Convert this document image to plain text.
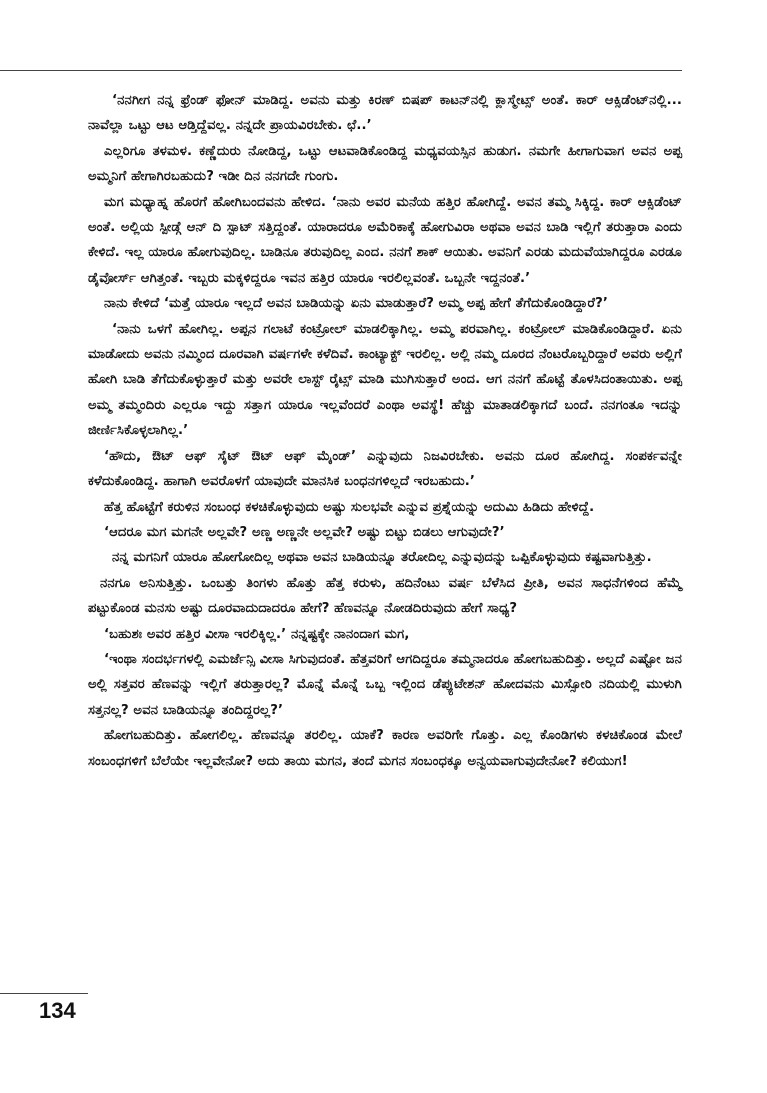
‘ನನಗೀಗ ನನ್ನ ಫ್ರೆಂಡ್ ಫೋನ್ ಮಾಡಿದ್ದ. ಅವನು ಮತ್ತು ಕಿರಣ್ ಬಿಷಪ್ ಕಾಟನ್‌ನಲ್ಲಿ ಕ್ಲಾಸ್ಮೇಟ್ಸ್ ಅಂತೆ. ಕಾರ್ ಆಕ್ಸಿಡೆಂಟ್‌ನಲ್ಲಿ... ನಾವೆಲ್ಲಾ ಒಟ್ಟು ಆಟ ಆಡ್ತಿದ್ದೆವಲ್ಲ. ನನ್ನದೇ ಪ್ರಾಯವಿರಬೇಕು. ಛೆ..’

ಎಲ್ಲರಿಗೂ ತಳಮಳ. ಕಣ್ಣೆದುರು ನೋಡಿದ್ದ, ಒಟ್ಟು ಆಟವಾಡಿಕೊಂಡಿದ್ದ ಮಧ್ಯವಯಸ್ಸಿನ ಹುಡುಗ. ನಮಗೇ ಹೀಗಾಗುವಾಗ ಅವನ ಅಪ್ಪ ಅಮ್ಮನಿಗೆ ಹೇಗಾಗಿರಬಹುದು? ಇಡೀ ದಿನ ನನಗದೇ ಗುಂಗು.

ಮಗ ಮಧ್ಯಾಹ್ನ ಹೊರಗೆ ಹೋಗಿಬಂದವನು ಹೇಳಿದ. ‘ನಾನು ಅವರ ಮನೆಯ ಹತ್ತಿರ ಹೋಗಿದ್ದೆ. ಅವನ ತಮ್ಮ ಸಿಕ್ಕಿದ್ದ. ಕಾರ್ ಆಕ್ಸಿಡೆಂಟ್ ಅಂತೆ. ಅಲ್ಲಿಯ ಸ್ಪೀಡ್ಗೆ ಆನ್ ದಿ ಸ್ಪಾಟ್ ಸತ್ತಿದ್ದಂತೆ. ಯಾರಾದರೂ ಅಮೆರಿಕಾಕ್ಕೆ ಹೋಗುವಿರಾ ಅಥವಾ ಅವನ ಬಾಡಿ ಇಲ್ಲಿಗೆ ತರುತ್ತಾರಾ ಎಂದು ಕೇಳಿದೆ. ಇಲ್ಲ ಯಾರೂ ಹೋಗುವುದಿಲ್ಲ. ಬಾಡಿನೂ ತರುವುದಿಲ್ಲ ಎಂದ. ನನಗೆ ಶಾಕ್ ಆಯಿತು. ಅವನಿಗೆ ಎರಡು ಮದುವೆಯಾಗಿದ್ದರೂ ಎರಡೂ ಡೈವೋರ್ಸ್ ಆಗಿತ್ತಂತೆ. ಇಬ್ಬರು ಮಕ್ಕಳಿದ್ದರೂ ಇವನ ಹತ್ತಿರ ಯಾರೂ ಇರಲಿಲ್ಲವಂತೆ. ಒಬ್ಬನೇ ಇದ್ದನಂತೆ.’

ನಾನು ಕೇಳಿದೆ ‘ಮತ್ತೆ ಯಾರೂ ಇಲ್ಲದೆ ಅವನ ಬಾಡಿಯನ್ನು ಏನು ಮಾಡುತ್ತಾರೆ? ಅಮ್ಮ ಅಪ್ಪ ಹೇಗೆ ತೆಗೆದುಕೊಂಡಿದ್ದಾರೆ?’

‘ನಾನು ಒಳಗೆ ಹೋಗಿಲ್ಲ. ಅಪ್ಪನ ಗಲಾಟೆ ಕಂಟ್ರೋಲ್ ಮಾಡಲಿಕ್ಕಾಗಿಲ್ಲ. ಅಮ್ಮ ಪರವಾಗಿಲ್ಲ. ಕಂಟ್ರೋಲ್ ಮಾಡಿಕೊಂಡಿದ್ದಾರೆ. ಏನು ಮಾಡೋದು ಅವನು ನಮ್ಮಿಂದ ದೂರವಾಗಿ ವರ್ಷಗಳೇ ಕಳೆದಿವೆ. ಕಾಂಟ್ಯಾಕ್ಟ್ ಇರಲಿಲ್ಲ. ಅಲ್ಲಿ ನಮ್ಮ ದೂರದ ನೆಂಟರೊಬ್ಬರಿದ್ದಾರೆ ಅವರು ಅಲ್ಲಿಗೆ ಹೋಗಿ ಬಾಡಿ ತೆಗೆದುಕೊಳ್ಳುತ್ತಾರೆ ಮತ್ತು ಅವರೇ ಲಾಸ್ಟ್ ರೈಟ್ಸ್ ಮಾಡಿ ಮುಗಿಸುತ್ತಾರೆ ಅಂದ. ಆಗ ನನಗೆ ಹೊಟ್ಟೆ ತೊಳಸಿದಂತಾಯಿತು. ಅಪ್ಪ ಅಮ್ಮ ತಮ್ಮಂದಿರು ಎಲ್ಲರೂ ಇದ್ದು ಸತ್ತಾಗ ಯಾರೂ ಇಲ್ಲವೆಂದರೆ ಎಂಥಾ ಅವಸ್ಥೆ! ಹೆಚ್ಚು ಮಾತಾಡಲಿಕ್ಕಾಗದೆ ಬಂದೆ. ನನಗಂತೂ ಇದನ್ನು ಜೀರ್ಣಿಸಿಕೊಳ್ಳಲಾಗಿಲ್ಲ.’

‘ಹೌದು, ಔಟ್ ಆಫ್ ಸೈಟ್ ಔಟ್ ಆಫ್ ಮೈಂಡ್’ ಎನ್ನುವುದು ನಿಜವಿರಬೇಕು. ಅವನು ದೂರ ಹೋಗಿದ್ದ. ಸಂಪರ್ಕವನ್ನೇ ಕಳೆದುಕೊಂಡಿದ್ದ. ಹಾಗಾಗಿ ಅವರೊಳಗೆ ಯಾವುದೇ ಮಾನಸಿಕ ಬಂಧನಗಳಿಲ್ಲದೆ ಇರಬಹುದು.’

ಹೆತ್ತ ಹೊಟ್ಟೆಗೆ ಕರುಳಿನ ಸಂಬಂಧ ಕಳಚಿಕೊಳ್ಳುವುದು ಅಷ್ಟು ಸುಲಭವೇ ಎನ್ನುವ ಪ್ರಶ್ನೆಯನ್ನು ಅದುಮಿ ಹಿಡಿದು ಹೇಳಿದ್ದೆ.

‘ಆದರೂ ಮಗ ಮಗನೇ ಅಲ್ಲವೇ? ಅಣ್ಣ ಅಣ್ಣನೇ ಅಲ್ಲವೇ? ಅಷ್ಟು ಬಿಟ್ಟು ಬಿಡಲು ಆಗುವುದೇ?’

ನನ್ನ ಮಗನಿಗೆ ಯಾರೂ ಹೋಗೋದಿಲ್ಲ ಅಥವಾ ಅವನ ಬಾಡಿಯನ್ನೂ ತರೋದಿಲ್ಲ ಎನ್ನುವುದನ್ನು ಒಪ್ಪಿಕೊಳ್ಳುವುದು ಕಷ್ಟವಾಗುತ್ತಿತ್ತು.

ನನಗೂ ಅನಿಸುತ್ತಿತ್ತು. ಒಂಬತ್ತು ತಿಂಗಳು ಹೊತ್ತು ಹೆತ್ತ ಕರುಳು, ಹದಿನೆಂಟು ವರ್ಷ ಬೆಳೆಸಿದ ಪ್ರೀತಿ, ಅವನ ಸಾಧನೆಗಳಿಂದ ಹೆಮ್ಮೆ ಪಟ್ಟುಕೊಂಡ ಮನಸು ಅಷ್ಟು ದೂರವಾದುದಾದರೂ ಹೇಗೆ? ಹೆಣವನ್ನೂ ನೋಡದಿರುವುದು ಹೇಗೆ ಸಾಧ್ಯ?

‘ಬಹುಶಃ ಅವರ ಹತ್ತಿರ ವೀಸಾ ಇರಲಿಕ್ಕಿಲ್ಲ.’ ನನ್ನಷ್ಟಕ್ಕೇ ನಾನಂದಾಗ ಮಗ,

‘ಇಂಥಾ ಸಂದರ್ಭಗಳಲ್ಲಿ ಎಮರ್ಜೆನ್ಸಿ ವೀಸಾ ಸಿಗುವುದಂತೆ. ಹೆತ್ತವರಿಗೆ ಆಗದಿದ್ದರೂ ತಮ್ಮನಾದರೂ ಹೋಗಬಹುದಿತ್ತು. ಅಲ್ಲದೆ ಎಷ್ಟೋ ಜನ ಅಲ್ಲಿ ಸತ್ತವರ ಹೆಣವನ್ನು ಇಲ್ಲಿಗೆ ತರುತ್ತಾರಲ್ಲ? ಮೊನ್ನೆ ಮೊನ್ನೆ ಒಬ್ಬ ಇಲ್ಲಿಂದ ಡೆಪ್ಯುಟೇಶನ್ ಹೋದವನು ಮಿಸ್ಸೋರಿ ನದಿಯಲ್ಲಿ ಮುಳುಗಿ ಸತ್ತನಲ್ಲ? ಅವನ ಬಾಡಿಯನ್ನೂ ತಂದಿದ್ದರಲ್ಲ?’

ಹೋಗಬಹುದಿತ್ತು. ಹೋಗಲಿಲ್ಲ. ಹೆಣವನ್ನೂ ತರಲಿಲ್ಲ. ಯಾಕೆ? ಕಾರಣ ಅವರಿಗೇ ಗೊತ್ತು. ಎಲ್ಲ ಕೊಂಡಿಗಳು ಕಳಚಿಕೊಂಡ ಮೇಲೆ ಸಂಬಂಧಗಳಿಗೆ ಬೆಲೆಯೇ ಇಲ್ಲವೇನೋ? ಅದು ತಾಯಿ ಮಗನ, ತಂದೆ ಮಗನ ಸಂಬಂಧಕ್ಕೂ ಅನ್ವಯವಾಗುವುದೇನೋ? ಕಲಿಯುಗ!

134
